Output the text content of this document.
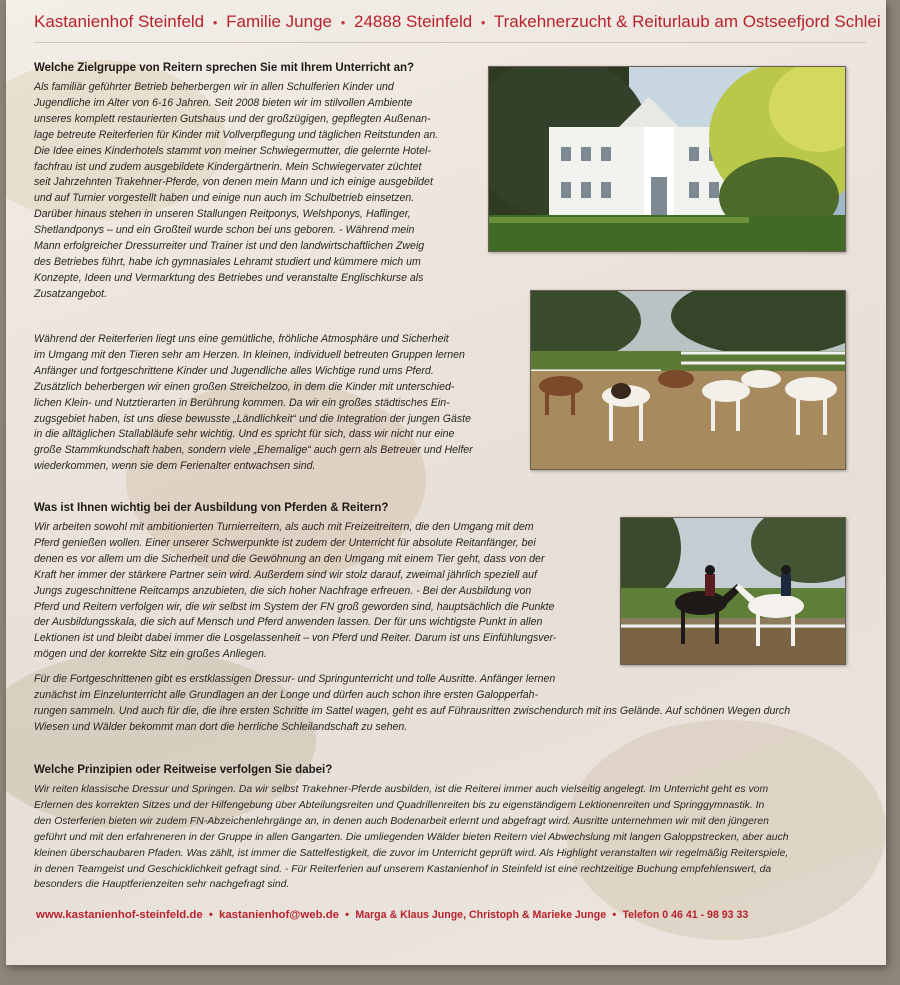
Kastanienhof Steinfeld • Familie Junge • 24888 Steinfeld • Trakehnerzucht & Reiturlaub am Ostseefjord Schlei

Welche Zielgruppe von Reitern sprechen Sie mit Ihrem Unterricht an?

Als familiär geführter Betrieb beherbergen wir in allen Schulferien Kinder und
Jugendliche im Alter von 6-16 Jahren. Seit 2008 bieten wir im stilvollen Ambiente
unseres komplett restaurierten Gutshaus und der großzügigen, gepflegten Außenan-
lage betreute Reiterferien für Kinder mit Vollverpflegung und täglichen Reitstunden an.
Die Idee eines Kinderhotels stammt von meiner Schwiegermutter, die gelernte Hotel-
fachfrau ist und zudem ausgebildete Kindergärtnerin. Mein Schwiegervater züchtet
seit Jahrzehnten Trakehner-Pferde, von denen mein Mann und ich einige ausgebildet
und auf Turnier vorgestellt haben und einige nun auch im Schulbetrieb einsetzen.
Darüber hinaus stehen in unseren Stallungen Reitponys, Welshponys, Haflinger,
Shetlandponys – und ein Großteil wurde schon bei uns geboren. - Während mein
Mann erfolgreicher Dressurreiter und Trainer ist und den landwirtschaftlichen Zweig
des Betriebes führt, habe ich gymnasiales Lehramt studiert und kümmere mich um
Konzepte, Ideen und Vermarktung des Betriebes und veranstalte Englischkurse als
Zusatzangebot.
Während der Reiterferien liegt uns eine gemütliche, fröhliche Atmosphäre und Sicherheit
im Umgang mit den Tieren sehr am Herzen. In kleinen, individuell betreuten Gruppen lernen
Anfänger und fortgeschrittene Kinder und Jugendliche alles Wichtige rund ums Pferd.
Zusätzlich beherbergen wir einen großen Streichelzoo, in dem die Kinder mit unterschied-
lichen Klein- und Nutztierarten in Berührung kommen. Da wir ein großes städtisches Ein-
zugsgebiet haben, ist uns diese bewusste „Ländlichkeit“ und die Integration der jungen Gäste
in die alltäglichen Stallabläufe sehr wichtig. Und es spricht für sich, dass wir nicht nur eine
große Stammkundschaft haben, sondern viele „Ehemalige“ auch gern als Betreuer und Helfer
wiederkommen, wenn sie dem Ferienalter entwachsen sind.

Was ist Ihnen wichtig bei der Ausbildung von Pferden & Reitern?

Wir arbeiten sowohl mit ambitionierten Turnierreitern, als auch mit Freizeitreitern, die den Umgang mit dem
Pferd genießen wollen. Einer unserer Schwerpunkte ist zudem der Unterricht für absolute Reitanfänger, bei
denen es vor allem um die Sicherheit und die Gewöhnung an den Umgang mit einem Tier geht, dass von der
Kraft her immer der stärkere Partner sein wird. Außerdem sind wir stolz darauf, zweimal jährlich speziell auf
Jungs zugeschnittene Reitcamps anzubieten, die sich hoher Nachfrage erfreuen. - Bei der Ausbildung von
Pferd und Reitern verfolgen wir, die wir selbst im System der FN groß geworden sind, hauptsächlich die Punkte
der Ausbildungsskala, die sich auf Mensch und Pferd anwenden lassen. Der für uns wichtigste Punkt in allen
Lektionen ist und bleibt dabei immer die Losgelassenheit – von Pferd und Reiter. Darum ist uns Einfühlungsver-
mögen und der korrekte Sitz ein großes Anliegen.
Für die Fortgeschrittenen gibt es erstklassigen Dressur- und Springunterricht und tolle Ausritte. Anfänger lernen
zunächst im Einzelunterricht alle Grundlagen an der Longe und dürfen auch schon ihre ersten Galopperfah-
rungen sammeln. Und auch für die, die ihre ersten Schritte im Sattel wagen, geht es auf Führausritten zwischendurch mit ins Gelände. Auf schönen Wegen durch
Wiesen und Wälder bekommt man dort die herrliche Schleilandschaft zu sehen.

Welche Prinzipien oder Reitweise verfolgen Sie dabei?

Wir reiten klassische Dressur und Springen. Da wir selbst Trakehner-Pferde ausbilden, ist die Reiterei immer auch vielseitig angelegt. Im Unterricht geht es vom
Erlernen des korrekten Sitzes und der Hilfengebung über Abteilungsreiten und Quadrillenreiten bis zu eigenständigem Lektionenreiten und Springgymnastik. In
den Osterferien bieten wir zudem FN-Abzeichenlehrgänge an, in denen auch Bodenarbeit erlernt und abgefragt wird. Ausritte unternehmen wir mit den jüngeren
geführt und mit den erfahreneren in der Gruppe in allen Gangarten. Die umliegenden Wälder bieten Reitern viel Abwechslung mit langen Galoppstrecken, aber auch
kleinen überschaubaren Pfaden. Was zählt, ist immer die Sattelfestigkeit, die zuvor im Unterricht geprüft wird. Als Highlight veranstalten wir regelmäßig Reiterspiele,
in denen Teamgeist und Geschicklichkeit gefragt sind. - Für Reiterferien auf unserem Kastanienhof in Steinfeld ist eine rechtzeitige Buchung empfehlenswert, da
besonders die Hauptferienzeiten sehr nachgefragt sind.
www.kastanienhof-steinfeld.de • kastanienhof@web.de • Marga & Klaus Junge, Christoph & Marieke Junge • Telefon 0 46 41 - 98 93 33
